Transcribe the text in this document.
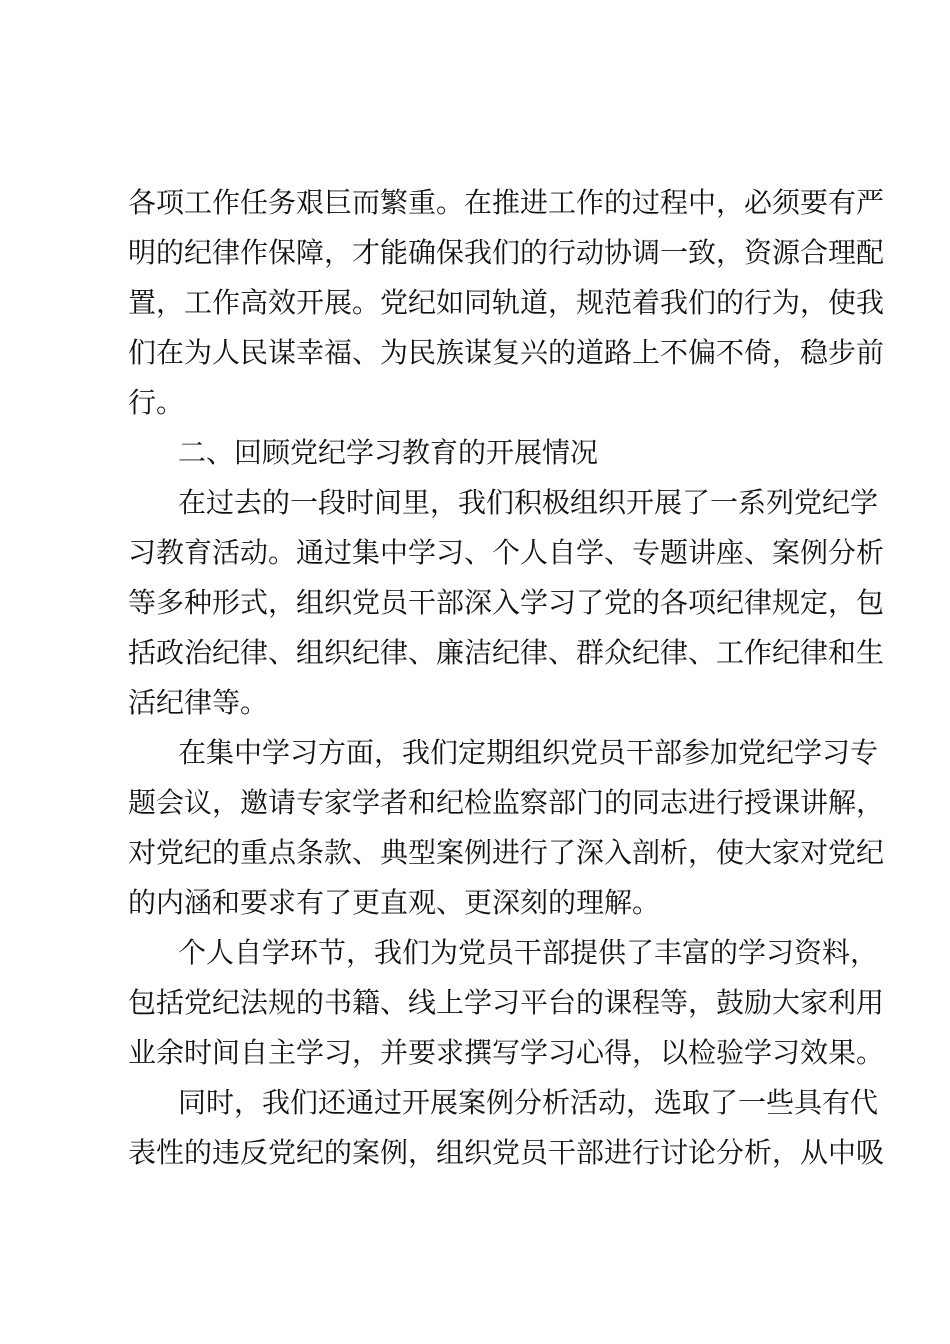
各项工作任务艰巨而繁重。在推进工作的过程中，必须要有严
明的纪律作保障，才能确保我们的行动协调一致，资源合理配
置，工作高效开展。党纪如同轨道，规范着我们的行为，使我
们在为人民谋幸福、为民族谋复兴的道路上不偏不倚，稳步前
行。
二、回顾党纪学习教育的开展情况
在过去的一段时间里，我们积极组织开展了一系列党纪学
习教育活动。通过集中学习、个人自学、专题讲座、案例分析
等多种形式，组织党员干部深入学习了党的各项纪律规定，包
括政治纪律、组织纪律、廉洁纪律、群众纪律、工作纪律和生
活纪律等。
在集中学习方面，我们定期组织党员干部参加党纪学习专
题会议，邀请专家学者和纪检监察部门的同志进行授课讲解，
对党纪的重点条款、典型案例进行了深入剖析，使大家对党纪
的内涵和要求有了更直观、更深刻的理解。
个人自学环节，我们为党员干部提供了丰富的学习资料，
包括党纪法规的书籍、线上学习平台的课程等，鼓励大家利用
业余时间自主学习，并要求撰写学习心得，以检验学习效果。
同时，我们还通过开展案例分析活动，选取了一些具有代
表性的违反党纪的案例，组织党员干部进行讨论分析，从中吸
